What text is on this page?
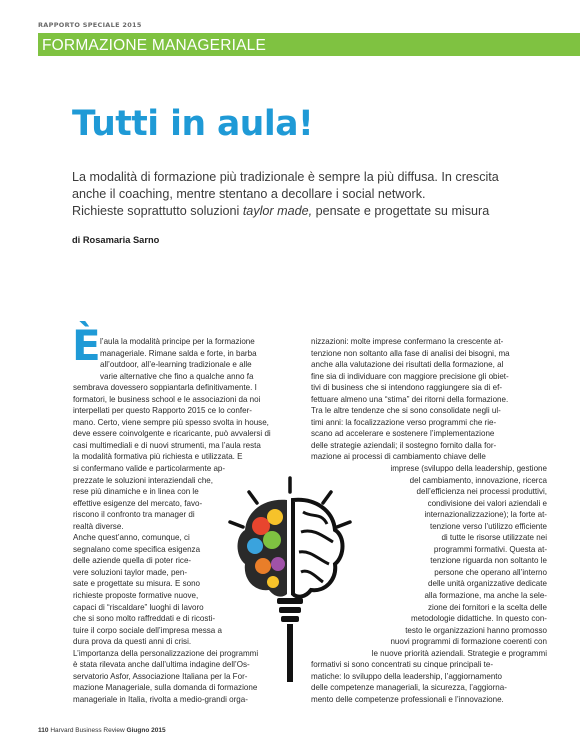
RAPPORTO SPECIALE 2015
FORMAZIONE MANAGERIALE
Tutti in aula!

La modalità di formazione più tradizionale è sempre la più diffusa. In crescita

anche il coaching, mentre stentano a decollare i social network.

Richieste soprattutto soluzioni taylor made, pensate e progettate su misura

di Rosamaria Sarno
È l’aula la modalità principe per la formazione
manageriale. Rimane salda e forte, in barba
all’outdoor, all’e-learning tradizionale e alle
varie alternative che fino a qualche anno fa
sembrava dovessero soppiantarla definitivamente. I
formatori, le business school e le associazioni da noi
interpellati per questo Rapporto 2015 ce lo confer-
mano. Certo, viene sempre più spesso svolta in house,
deve essere coinvolgente e ricaricante, può avvalersi di
casi multimediali e di nuovi strumenti, ma l’aula resta
la modalità formativa più richiesta e utilizzata. E
si confermano valide e particolarmente ap-
prezzate le soluzioni interaziendali che,
rese più dinamiche e in linea con le
effettive esigenze del mercato, favo-
riscono il confronto tra manager di
realtà diverse.
Anche quest’anno, comunque, ci
segnalano come specifica esigenza
delle aziende quella di poter rice-
vere soluzioni taylor made, pen-
sate e progettate su misura. E sono
richieste proposte formative nuove,
capaci di “riscaldare” luoghi di lavoro
che si sono molto raffreddati e di ricosti-
tuire il corpo sociale dell’impresa messa a
dura prova da questi anni di crisi.
L’importanza della personalizzazione dei programmi
è stata rilevata anche dall’ultima indagine dell’Os-
servatorio Asfor, Associazione Italiana per la For-
mazione Manageriale, sulla domanda di formazione
manageriale in Italia, rivolta a medio-grandi orga-
nizzazioni: molte imprese confermano la crescente at-
tenzione non soltanto alla fase di analisi dei bisogni, ma
anche alla valutazione dei risultati della formazione, al
fine sia di individuare con maggiore precisione gli obiet-
tivi di business che si intendono raggiungere sia di ef-
fettuare almeno una “stima” dei ritorni della formazione.
Tra le altre tendenze che si sono consolidate negli ul-
timi anni: la focalizzazione verso programmi che rie-
scano ad accelerare e sostenere l’implementazione
delle strategie aziendali; il sostegno fornito dalla for-
mazione ai processi di cambiamento chiave delle
imprese (sviluppo della leadership, gestione
del cambiamento, innovazione, ricerca
dell’efficienza nei processi produttivi,
condivisione dei valori aziendali e
internazionalizzazione); la forte at-
tenzione verso l’utilizzo efficiente
di tutte le risorse utilizzate nei
programmi formativi. Questa at-
tenzione riguarda non soltanto le
persone che operano all’interno
delle unità organizzative dedicate
alla formazione, ma anche la sele-
zione dei fornitori e la scelta delle
metodologie didattiche. In questo con-
testo le organizzazioni hanno promosso
nuovi programmi di formazione coerenti con
le nuove priorità aziendali. Strategie e programmi
formativi si sono concentrati su cinque principali te-
matiche: lo sviluppo della leadership, l’aggiornamento
delle competenze manageriali, la sicurezza, l’aggiorna-
mento delle competenze professionali e l’innovazione.
110 Harvard Business Review Giugno 2015
